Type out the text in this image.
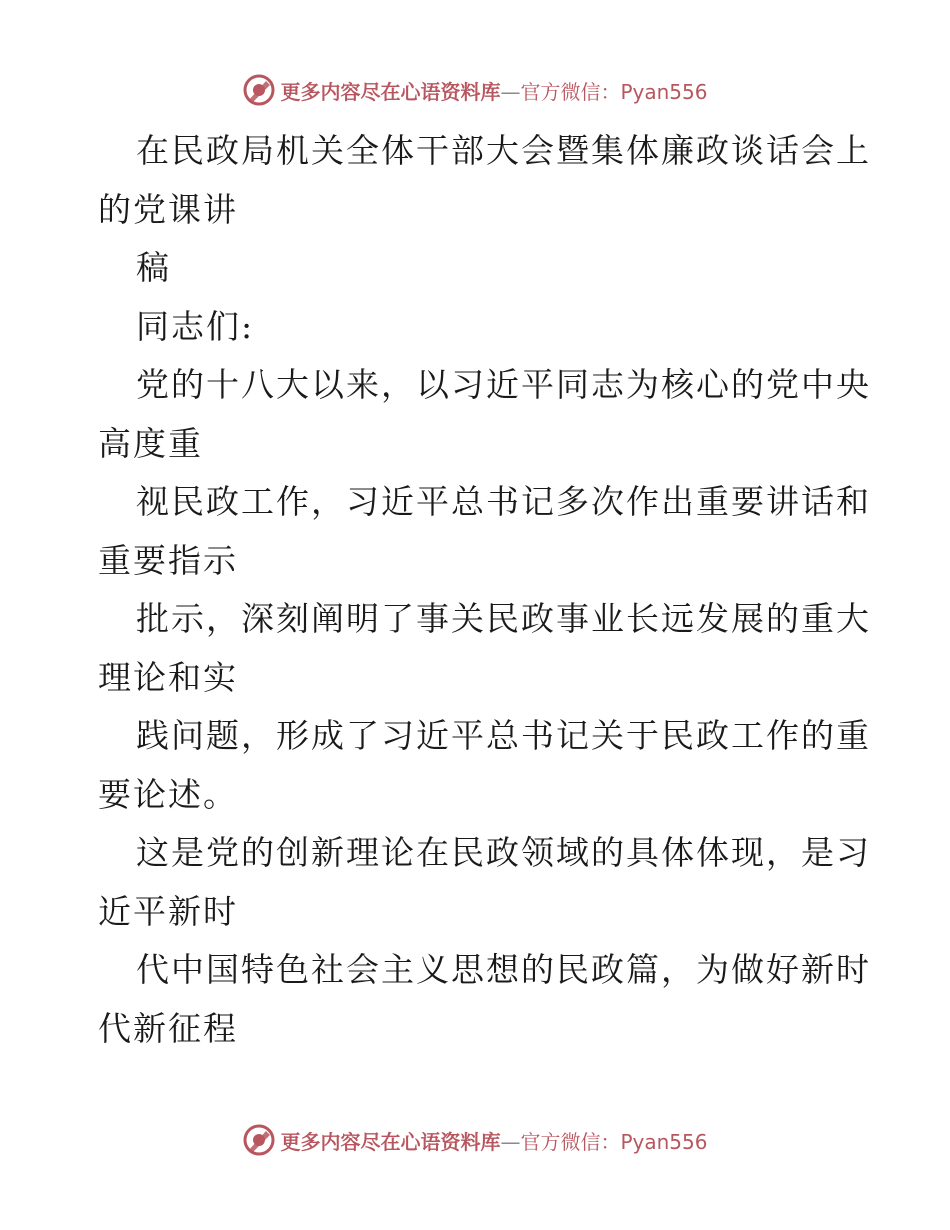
更多内容尽在心语资料库—官方微信：Pyan556
在民政局机关全体干部大会暨集体廉政谈话会上
的党课讲
稿
同志们:
党的十八大以来，以习近平同志为核心的党中央
高度重
视民政工作，习近平总书记多次作出重要讲话和
重要指示
批示，深刻阐明了事关民政事业长远发展的重大
理论和实
践问题，形成了习近平总书记关于民政工作的重
要论述。
这是党的创新理论在民政领域的具体体现，是习
近平新时
代中国特色社会主义思想的民政篇，为做好新时
代新征程
更多内容尽在心语资料库—官方微信：Pyan556
